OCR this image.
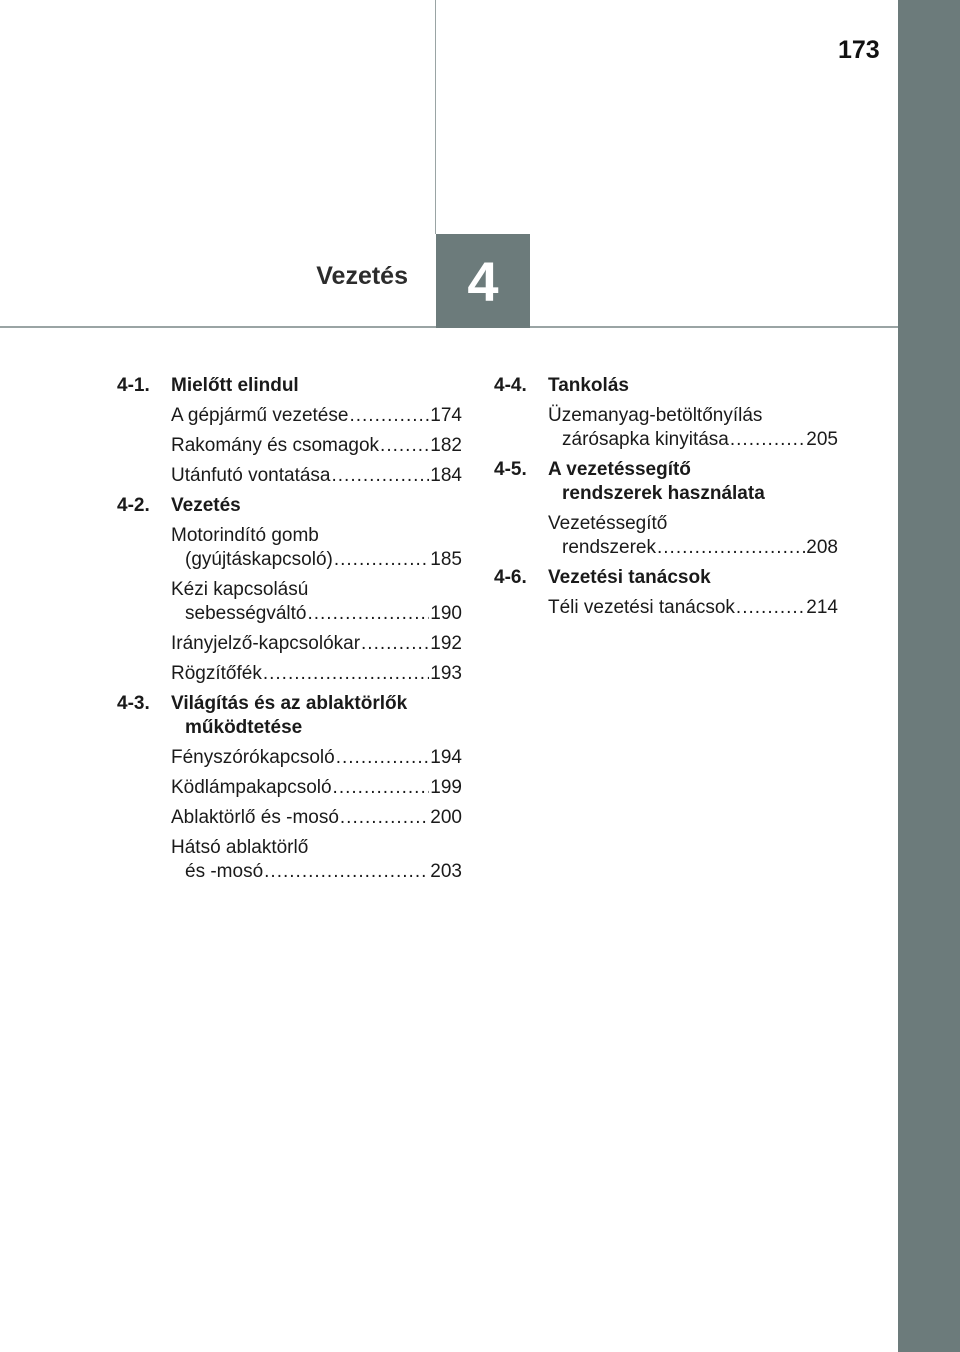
173
Vezetés	4
4-1.	Mielőtt elindul
A gépjármű vezetése .....	174
Rakomány és csomagok .....	182
Utánfutó vontatása .....	184
4-2.	Vezetés
Motorindító gomb
(gyújtáskapcsoló) .....	185
Kézi kapcsolású
sebességváltó .....	190
Irányjelző-kapcsolókar .....	192
Rögzítőfék .....	193
4-3.	Világítás és az ablaktörlők
működtetése
Fényszórókapcsoló .....	194
Ködlámpakapcsoló .....	199
Ablaktörlő és -mosó .....	200
Hátsó ablaktörlő
és -mosó .....	203
4-4.	Tankolás
Üzemanyag-betöltőnyílás
zárósapka kinyitása .....	205
4-5.	A vezetéssegítő
rendszerek használata
Vezetéssegítő
rendszerek .....	208
4-6.	Vezetési tanácsok
Téli vezetési tanácsok .....	214
